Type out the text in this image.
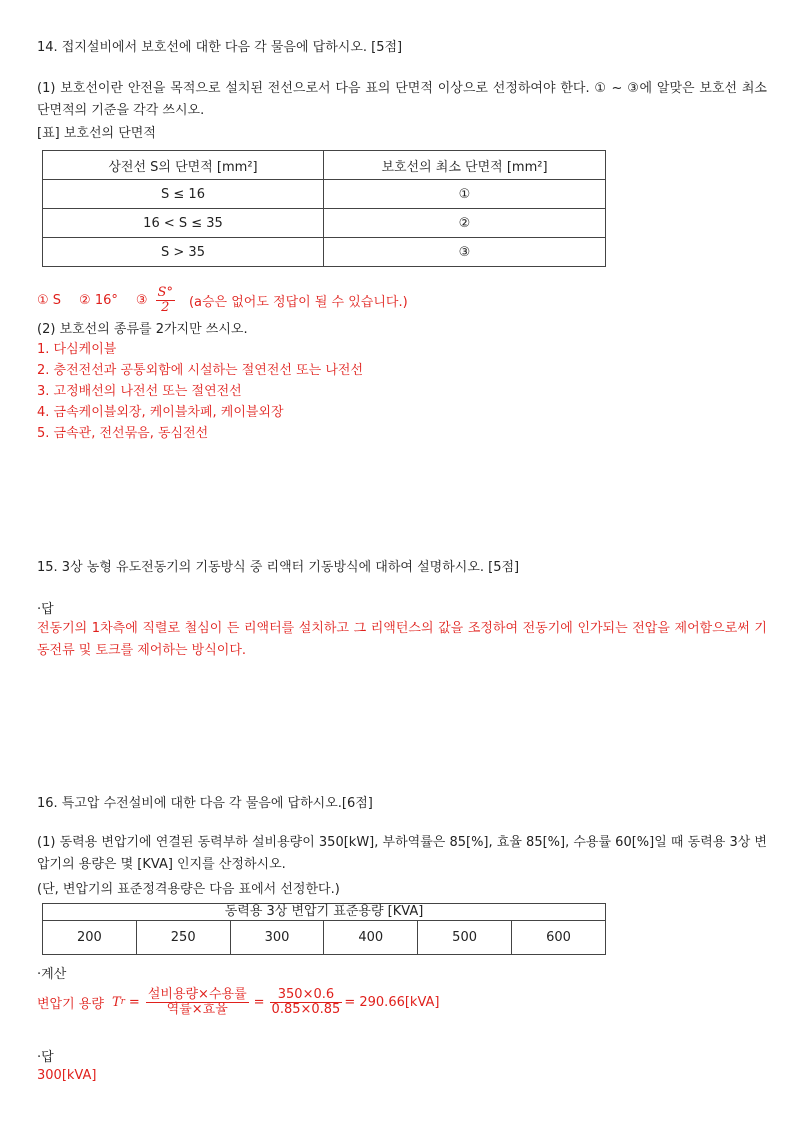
14. 접지설비에서 보호선에 대한 다음 각 물음에 답하시오. [5점]
(1) 보호선이란 안전을 목적으로 설치된 전선으로서 다음 표의 단면적 이상으로 선정하여야 한다. ① ~ ③에 알맞은 보호선 최소 단면적의 기준을 각각 쓰시오.
[표] 보호선의 단면적
상전선 S의 단면적 [mm²]	보호선의 최소 단면적 [mm²]
S ≤ 16	①
16 < S ≤ 35	②
S > 35	③
① S ② 16° ③ $\frac{S^\circ}{2} (a$승은 없어도 정답이 될 수 있습니다.)
(2) 보호선의 종류를 2가지만 쓰시오.
1. 다심케이블
2. 충전전선과 공통외함에 시설하는 절연전선 또는 나전선
3. 고정배선의 나전선 또는 절연전선
4. 금속케이블외장, 케이블차폐, 케이블외장
5. 금속관, 전선묶음, 동심전선
15. 3상 농형 유도전동기의 기동방식 중 리액터 기동방식에 대하여 설명하시오. [5점]
·답
전동기의 1차측에 직렬로 철심이 든 리액터를 설치하고 그 리액턴스의 값을 조정하여 전동기에 인가되는 전압을 제어함으로써 기동전류 및 토크를 제어하는 방식이다.
16. 특고압 수전설비에 대한 다음 각 물음에 답하시오.[6점]
(1) 동력용 변압기에 연결된 동력부하 설비용량이 350[kW], 부하역률은 85[%], 효율 85[%], 수용률 60[%]일 때 동력용 3상 변압기의 용량은 몇 [KVA] 인지를 산정하시오.
(단, 변압기의 표준정격용량은 다음 표에서 선정한다.)
동력용 3상 변압기 표준용량 [KVA]
200	250	300	400	500	600
·계산
변압기 용량 T $r = \frac{\text{설비용량×수용률}}{\text{역률×효율}} = \frac{350\times 0.6}{0.85\times 0.85} = 290.66[kVA]$
·답
300[kVA]
